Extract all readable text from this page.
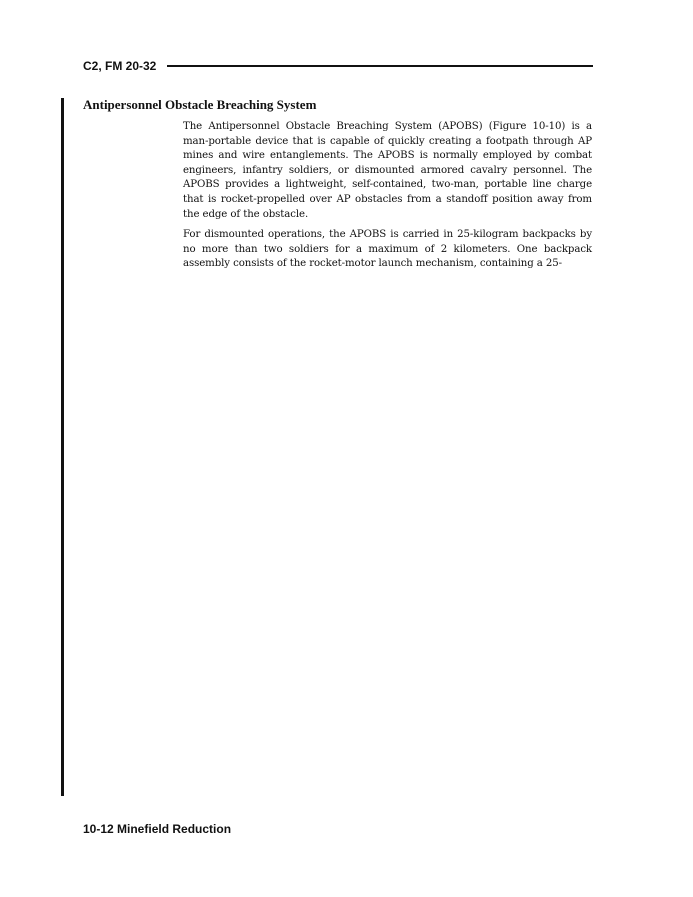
C2, FM 20-32
Antipersonnel Obstacle Breaching System

The Antipersonnel Obstacle Breaching System (APOBS) (Figure 10-10) is a man-portable device that is capable of quickly creating a footpath through AP mines and wire entanglements. The APOBS is normally employed by combat engineers, infantry soldiers, or dismounted armored cavalry personnel. The APOBS provides a lightweight, self-contained, two-man, portable line charge that is rocket-propelled over AP obstacles from a standoff position away from the edge of the obstacle.

For dismounted operations, the APOBS is carried in 25-kilogram backpacks by no more than two soldiers for a maximum of 2 kilometers. One backpack assembly consists of the rocket-motor launch mechanism, containing a 25-

10-12 Minefield Reduction
